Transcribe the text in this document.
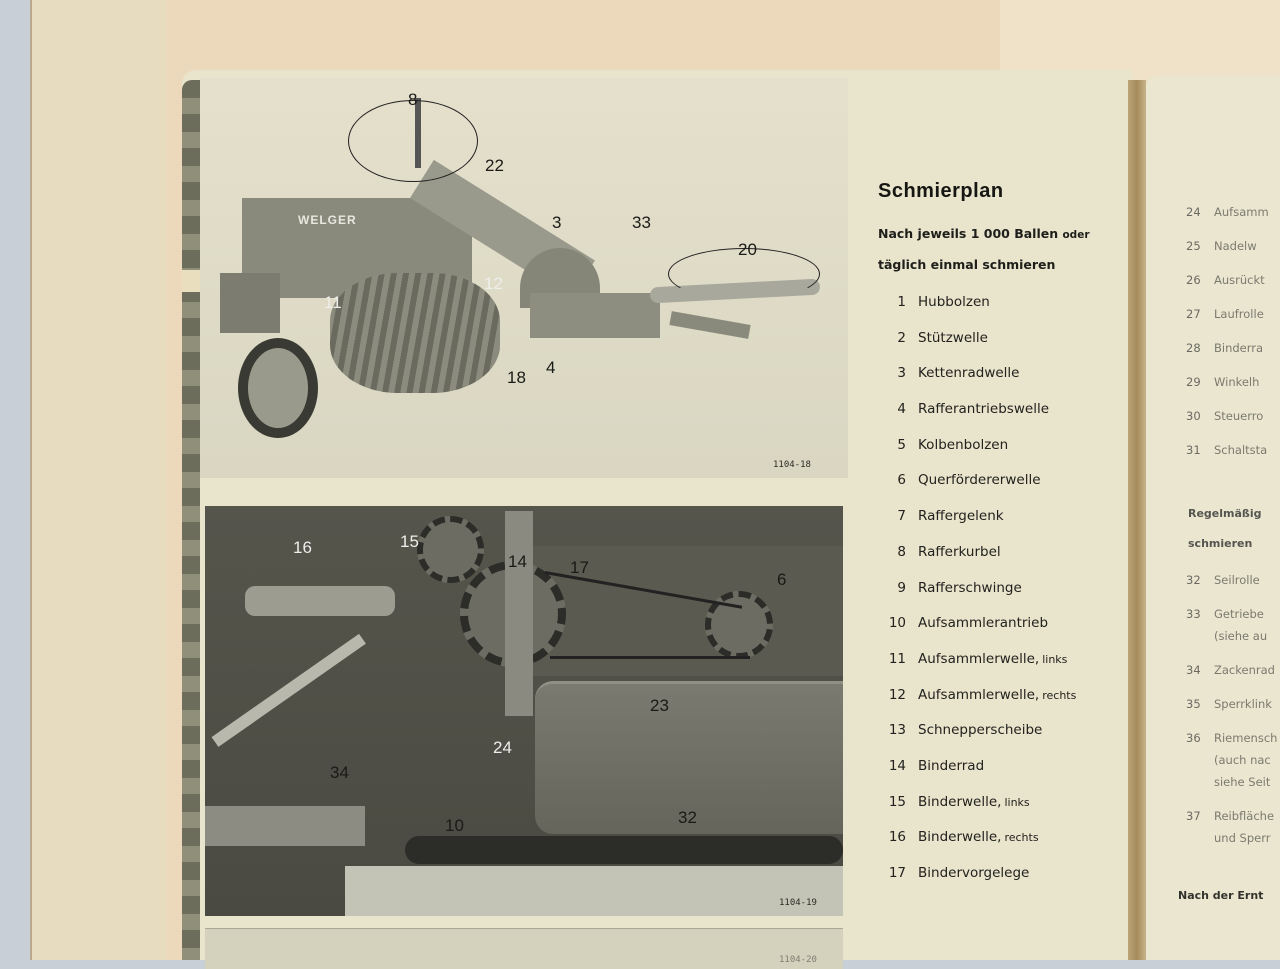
WELGER
8
22
3	33
20
12
11
18
4
1104-18
16	15
14	17
6
23
24
34
10	32
1104-19
1104-20
Schmierplan
Nach jeweils 1 000 Ballen oder
täglich einmal schmieren
1 Hubbolzen
2 Stützwelle
3 Kettenradwelle
4 Rafferantriebswelle
5 Kolbenbolzen
6 Querfördererwelle
7 Raffergelenk
8 Rafferkurbel
9 Rafferschwinge
10 Aufsammlerantrieb
11 Aufsammlerwelle, links
12 Aufsammlerwelle, rechts
13 Schnepperscheibe
14 Binderrad
15 Binderwelle, links
16 Binderwelle, rechts
17 Bindervorgelege
24	Aufsamm
25	Nadelw
26	Ausrückt
27	Laufrolle
28	Binderra
29	Winkelh
30	Steuerro
31	Schaltsta
Regelmäßig
schmieren
32	Seilrolle
33	Getriebe
(siehe au
34	Zackenrad
35	Sperrklink
36	Riemensch
(auch nac
siehe Seit
37	Reibfläche
und Sperr
Nach der Ernt
